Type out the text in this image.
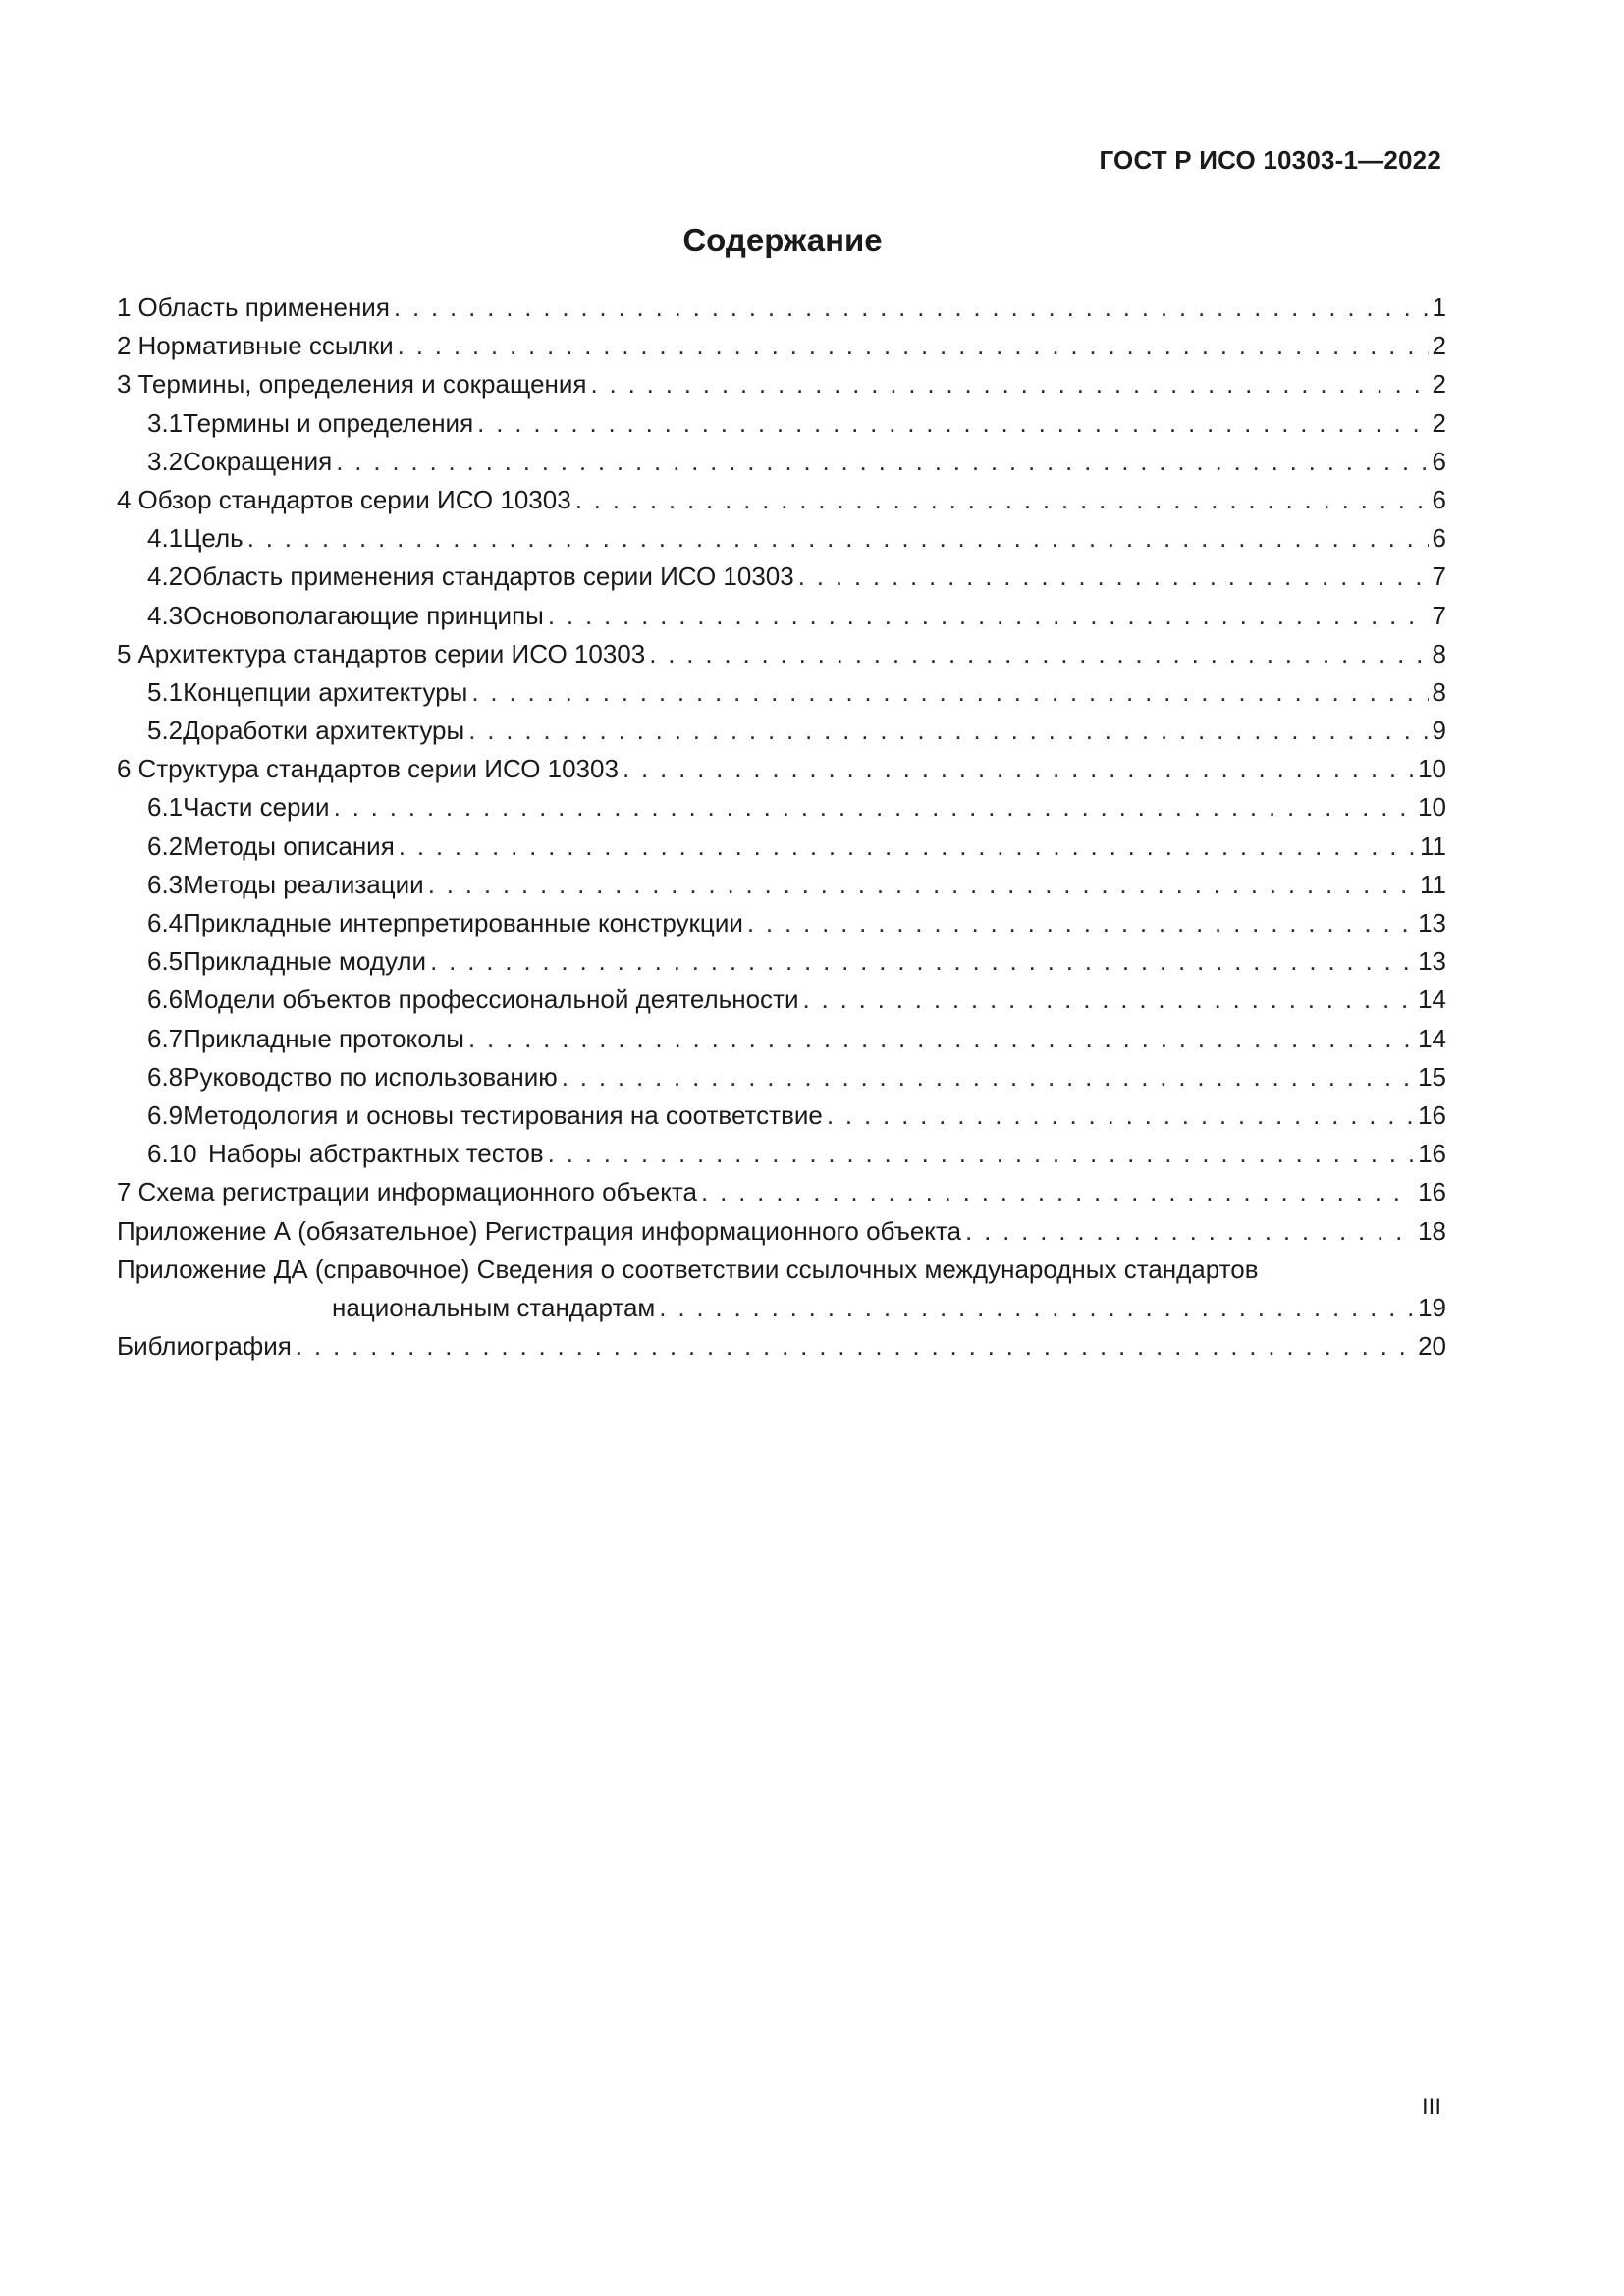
ГОСТ Р ИСО 10303-1—2022
Содержание
1 Область применения . . .	1
2 Нормативные ссылки . . .	2
3 Термины, определения и сокращения . . .	2
3.1 Термины и определения . . .	2
3.2 Сокращения . . .	6
4 Обзор стандартов серии ИСО 10303 . . .	6
4.1 Цель . . .	6
4.2 Область применения стандартов серии ИСО 10303 . . .	7
4.3 Основополагающие принципы . . .	7
5 Архитектура стандартов серии ИСО 10303 . . .	8
5.1 Концепции архитектуры . . .	8
5.2 Доработки архитектуры . . .	9
6 Структура стандартов серии ИСО 10303 . . .	10
6.1 Части серии . . .	10
6.2 Методы описания . . .	11
6.3 Методы реализации . . .	11
6.4 Прикладные интерпретированные конструкции . . .	13
6.5 Прикладные модули . . .	13
6.6 Модели объектов профессиональной деятельности . . .	14
6.7 Прикладные протоколы . . .	14
6.8 Руководство по использованию . . .	15
6.9 Методология и основы тестирования на соответствие . . .	16
6.10 Наборы абстрактных тестов . . .	16
7 Схема регистрации информационного объекта . . .	16
Приложение А (обязательное) Регистрация информационного объекта . . .	18
Приложение ДА (справочное) Сведения о соответствии ссылочных международных стандартов
национальным стандартам . . .	19
Библиография . . .	20
III
